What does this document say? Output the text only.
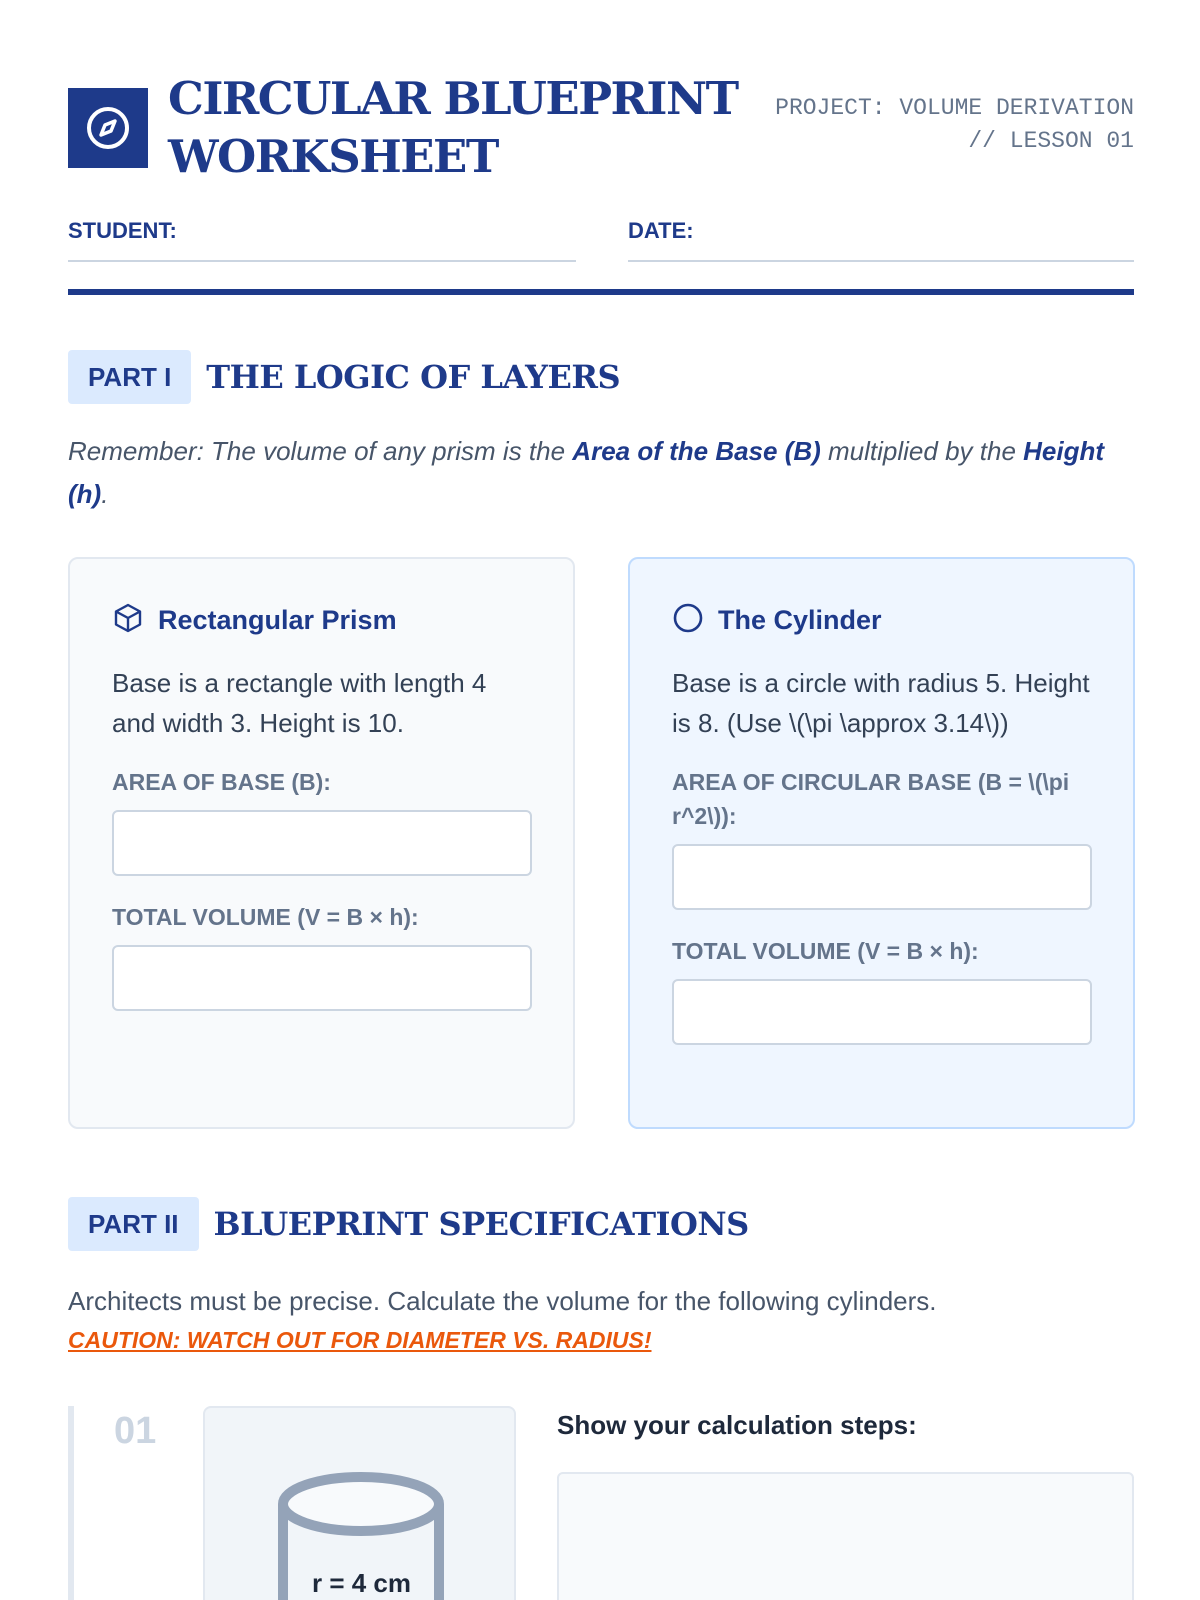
CIRCULAR BLUEPRINT
WORKSHEET
PROJECT: VOLUME DERIVATION
// LESSON 01
STUDENT:	DATE:
PART I	THE LOGIC OF LAYERS
Remember: The volume of any prism is the Area of the Base (B) multiplied by the Height (h).
Rectangular Prism
Base is a rectangle with length 4 and width 3. Height is 10.
AREA OF BASE (B):
TOTAL VOLUME (V = B × h):
The Cylinder
Base is a circle with radius 5. Height is 8. (Use \(\pi \approx 3.14\))
AREA OF CIRCULAR BASE (B = \(\pi r^2\)):
TOTAL VOLUME (V = B × h):
PART II	BLUEPRINT SPECIFICATIONS
Architects must be precise. Calculate the volume for the following cylinders.
CAUTION: WATCH OUT FOR DIAMETER VS. RADIUS!
01
r = 4 cm
Show your calculation steps:
